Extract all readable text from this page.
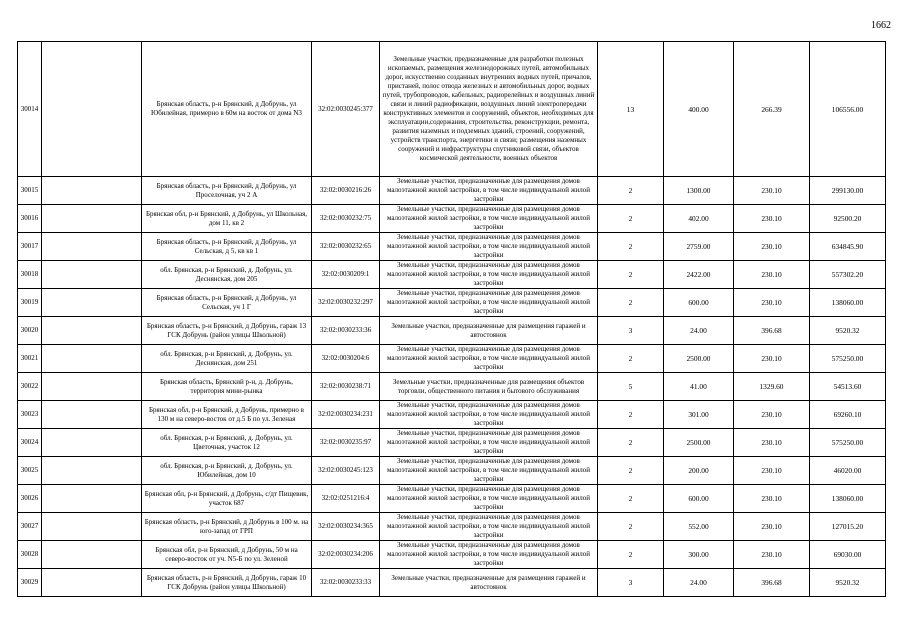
1662
30014		Брянская область, р-н Брянский, д Добрунь, ул Юбилейная, примерно в 60м на восток от дома N3	32:02:0030245:377	Земельные участки, предназначенные для разработки полезных ископаемых, размещения железнодорожных путей, автомобильных дорог, искусственно созданных внутренних водных путей, причалов, пристаней, полос отвода железных и автомобильных дорог, водных путей, трубопроводов, кабельных, радиорелейных и воздушных линий связи и линий радиофикации, воздушных линий электропередачи конструктивных элементов и сооружений, объектов, необходимых для эксплуатации,содержания, строительства, реконструкции, ремонта, развития наземных и подземных зданий, строений, сооружений, устройств транспорта, энергетики и связи; размещения наземных сооружений и инфраструктуры спутниковой связи, объектов космической деятельности, военных объектов	13	400.00	266.39	106556.00
30015		Брянская область, р-н Брянский, д Добрунь, ул Проселочная, уч 2 А	32:02:0030216:26	Земельные участки, предназначенные для размещения домов малоэтажной жилой застройки, в том числе индивидуальной жилой застройки	2	1300.00	230.10	299130.00
30016		Брянская обл, р-н Брянский, д Добрунь, ул Школьная, дом 11, кв 2	32:02:0030232:75	Земельные участки, предназначенные для размещения домов малоэтажной жилой застройки, в том числе индивидуальной жилой застройки	2	402.00	230.10	92500.20
30017		Брянская область, р-н Брянский, д Добрунь, ул Сельская, д 5, кв кв 1	32:02:0030232:65	Земельные участки, предназначенные для размещения домов малоэтажной жилой застройки, в том числе индивидуальной жилой застройки	2	2759.00	230.10	634845.90
30018		обл. Брянская, р-н Брянский, д. Добрунь, ул. Деснянская, дом 205	32:02:0030209:1	Земельные участки, предназначенные для размещения домов малоэтажной жилой застройки, в том числе индивидуальной жилой застройки	2	2422.00	230.10	557302.20
30019		Брянская область, р-н Брянский, д Добрунь, ул Сельская, уч 1 Г	32:02:0030232:297	Земельные участки, предназначенные для размещения домов малоэтажной жилой застройки, в том числе индивидуальной жилой застройки	2	600.00	230.10	138060.00
30020		Брянская область, р-н Брянский, д Добрунь, гараж 13 ГСК Добрунь (район улицы Школьной)	32:02:0030233:36	Земельные участки, предназначенные для размещения гаражей и автостоянок	3	24.00	396.68	9520.32
30021		обл. Брянская, р-н Брянский, д. Добрунь, ул. Деснянская, дом 251	32:02:0030204:6	Земельные участки, предназначенные для размещения домов малоэтажной жилой застройки, в том числе индивидуальной жилой застройки	2	2500.00	230.10	575250.00
30022		Брянская область, Брянский р-н, д. Добрунь, территория мини-рынка	32:02:0030238:71	Земельные участки, предназначенные для размещения объектов торговли, общественного питания и бытового обслуживания	5	41.00	1329.60	54513.60
30023		Брянская обл, р-н Брянский, д Добрунь, примерно в 130 м на северо-восток от д.5 Б по ул. Зеленая	32:02:0030234:231	Земельные участки, предназначенные для размещения домов малоэтажной жилой застройки, в том числе индивидуальной жилой застройки	2	301.00	230.10	69260.10
30024		обл. Брянская, р-н Брянский, д. Добрунь, ул. Цветочная, участок 12	32:02:0030235:97	Земельные участки, предназначенные для размещения домов малоэтажной жилой застройки, в том числе индивидуальной жилой застройки	2	2500.00	230.10	575250.00
30025		обл. Брянская, р-н Брянский, д. Добрунь, ул. Юбилейная, дом 10	32:02:0030245:123	Земельные участки, предназначенные для размещения домов малоэтажной жилой застройки, в том числе индивидуальной жилой застройки	2	200.00	230.10	46020.00
30026		Брянская обл, р-н Брянский, д Добрунь, с/дт Пищевик, участок 687	32:02:0251216:4	Земельные участки, предназначенные для размещения домов малоэтажной жилой застройки, в том числе индивидуальной жилой застройки	2	600.00	230.10	138060.00
30027		Брянская область, р-н Брянский, д Добрунь в 100 м. на юго-запад от ГРП	32:02:0030234:365	Земельные участки, предназначенные для размещения домов малоэтажной жилой застройки, в том числе индивидуальной жилой застройки	2	552.00	230.10	127015.20
30028		Брянская обл, р-н Брянский, д Добрунь, 50 м на северо-восток от уч. N5-Б по ул. Зеленой	32:02:0030234:206	Земельные участки, предназначенные для размещения домов малоэтажной жилой застройки, в том числе индивидуальной жилой застройки	2	300.00	230.10	69030.00
30029		Брянская область, р-н Брянский, д Добрунь, гараж 10 ГСК Добрунь (район улицы Школьной)	32:02:0030233:33	Земельные участки, предназначенные для размещения гаражей и автостоянок	3	24.00	396.68	9520.32
